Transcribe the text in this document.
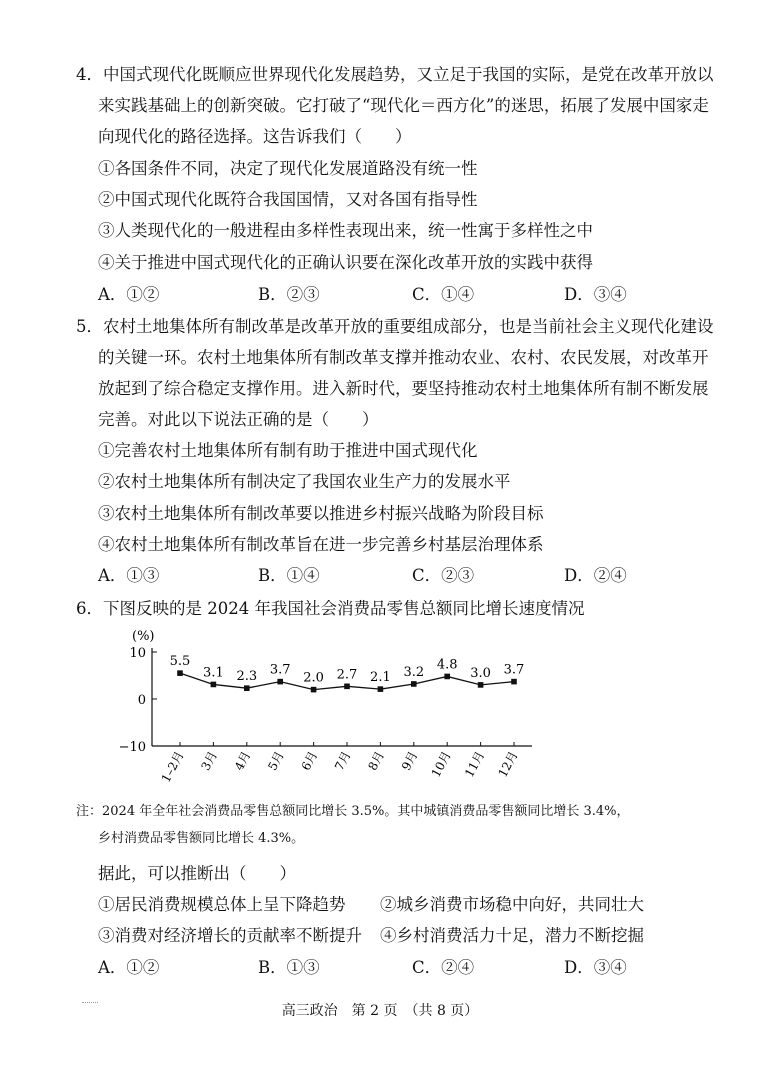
4．中国式现代化既顺应世界现代化发展趋势，又立足于我国的实际，是党在改革开放以
来实践基础上的创新突破。它打破了“现代化＝西方化”的迷思，拓展了发展中国家走
向现代化的路径选择。这告诉我们（　　）
①各国条件不同，决定了现代化发展道路没有统一性
②中国式现代化既符合我国国情，又对各国有指导性
③人类现代化的一般进程由多样性表现出来，统一性寓于多样性之中
④关于推进中国式现代化的正确认识要在深化改革开放的实践中获得
A．①②	B．②③	C．①④	D．③④
5．农村土地集体所有制改革是改革开放的重要组成部分，也是当前社会主义现代化建设
的关键一环。农村土地集体所有制改革支撑并推动农业、农村、农民发展，对改革开
放起到了综合稳定支撑作用。进入新时代，要坚持推动农村土地集体所有制不断发展
完善。对此以下说法正确的是（　　）
①完善农村土地集体所有制有助于推进中国式现代化
②农村土地集体所有制决定了我国农业生产力的发展水平
③农村土地集体所有制改革要以推进乡村振兴战略为阶段目标
④农村土地集体所有制改革旨在进一步完善乡村基层治理体系
A．①③	B．①④	C．②③	D．②④
6．下图反映的是 2024 年我国社会消费品零售总额同比增长速度情况
(%)
10
0
−10
5.5
3.1 2.3 3.7
2.0 2.7 2.1 3.2
4.8
3.0 3.7
1–2月 3月 4月 5月 6月 7月 8月 9月 10月 11月 12月
注：2024 年全年社会消费品零售总额同比增长 3.5%。其中城镇消费品零售额同比增长 3.4%，
乡村消费品零售额同比增长 4.3%。
据此，可以推断出（　　）
①居民消费规模总体上呈下降趋势 ②城乡消费市场稳中向好，共同壮大
③消费对经济增长的贡献率不断提升 ④乡村消费活力十足，潜力不断挖掘
A．①②	B．①③	C．②④	D．③④
高三政治　第 2 页　（共 8 页）
